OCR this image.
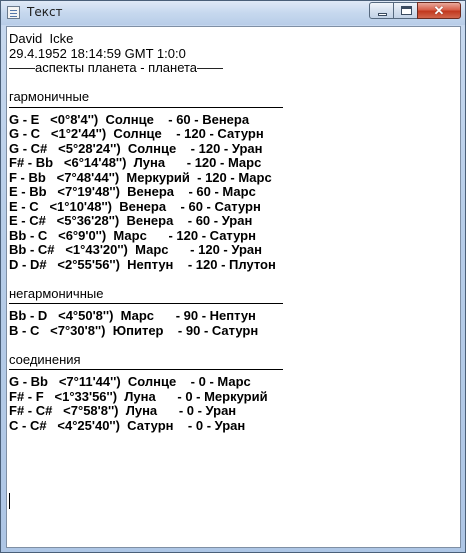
Текст	✕
David  Icke
29.4.1952 18:14:59 GMT 1:0:0
——аспекты планета - планета——
гармоничные
G - E   <0°8'4'')  Солнце    - 60 - Венера
G - C   <1°2'44'')  Солнце    - 120 - Сатурн
G - C#   <5°28'24'')  Солнце    - 120 - Уран
F# - Bb   <6°14'48'')  Луна      - 120 - Марс
F - Bb   <7°48'44'')  Меркурий  - 120 - Марс
E - Bb   <7°19'48'')  Венера    - 60 - Марс
E - C   <1°10'48'')  Венера    - 60 - Сатурн
E - C#   <5°36'28'')  Венера    - 60 - Уран
Bb - C   <6°9'0'')  Марс      - 120 - Сатурн
Bb - C#   <1°43'20'')  Марс      - 120 - Уран
D - D#   <2°55'56'')  Нептун    - 120 - Плутон
негармоничные
Bb - D   <4°50'8'')  Марс      - 90 - Нептун
B - C   <7°30'8'')  Юпитер    - 90 - Сатурн
соединения
G - Bb   <7°11'44'')  Солнце    - 0 - Марс
F# - F   <1°33'56'')  Луна      - 0 - Меркурий
F# - C#   <7°58'8'')  Луна      - 0 - Уран
C - C#   <4°25'40'')  Сатурн    - 0 - Уран
